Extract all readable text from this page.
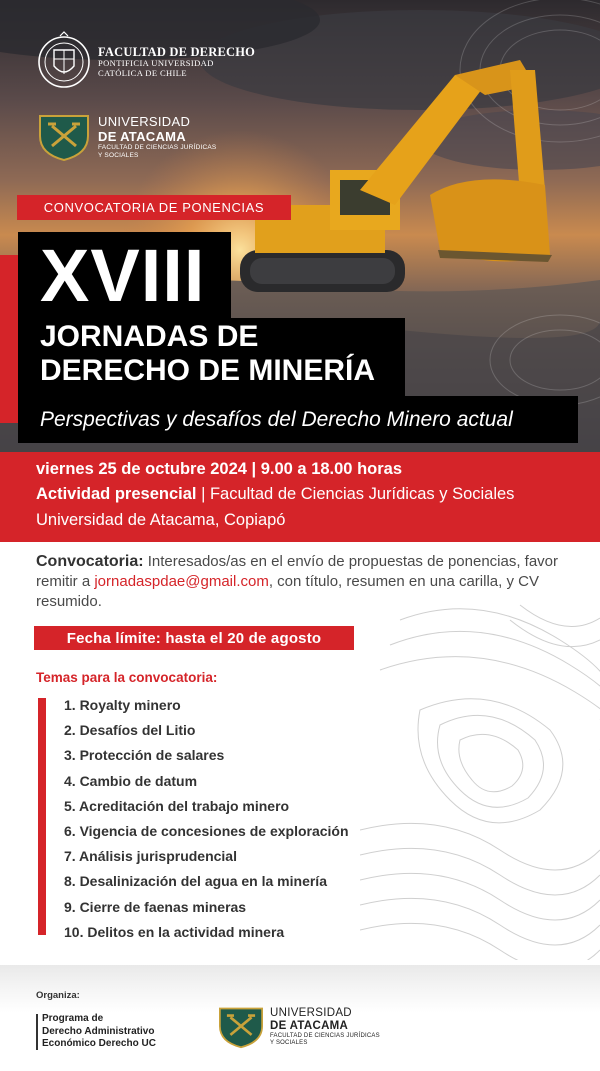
FACULTAD DE DERECHO
PONTIFICIA UNIVERSIDAD
CATÓLICA DE CHILE
UNIVERSIDAD
DE ATACAMA
FACULTAD DE CIENCIAS JURÍDICAS
Y SOCIALES
CONVOCATORIA DE PONENCIAS
XVIII
JORNADAS DE
DERECHO DE MINERÍA
Perspectivas y desafíos del Derecho Minero actual
viernes 25 de octubre 2024 | 9.00 a 18.00 horas
Actividad presencial | Facultad de Ciencias Jurídicas y Sociales
Universidad de Atacama, Copiapó
Convocatoria: Interesados/as en el envío de propuestas de ponencias, favor remitir a jornadaspdae@gmail.com, con título, resumen en una carilla, y CV resumido.
Fecha límite: hasta el 20 de agosto
Temas para la convocatoria:
1. Royalty minero
2. Desafíos del Litio
3. Protección de salares
4. Cambio de datum
5. Acreditación del trabajo minero
6. Vigencia de concesiones de exploración
7. Análisis jurisprudencial
8. Desalinización del agua en la minería
9. Cierre de faenas mineras
10. Delitos en la actividad minera
Organiza:
Programa de
Derecho Administrativo
Económico Derecho UC
UNIVERSIDAD
DE ATACAMA
FACULTAD DE CIENCIAS JURÍDICAS
Y SOCIALES
